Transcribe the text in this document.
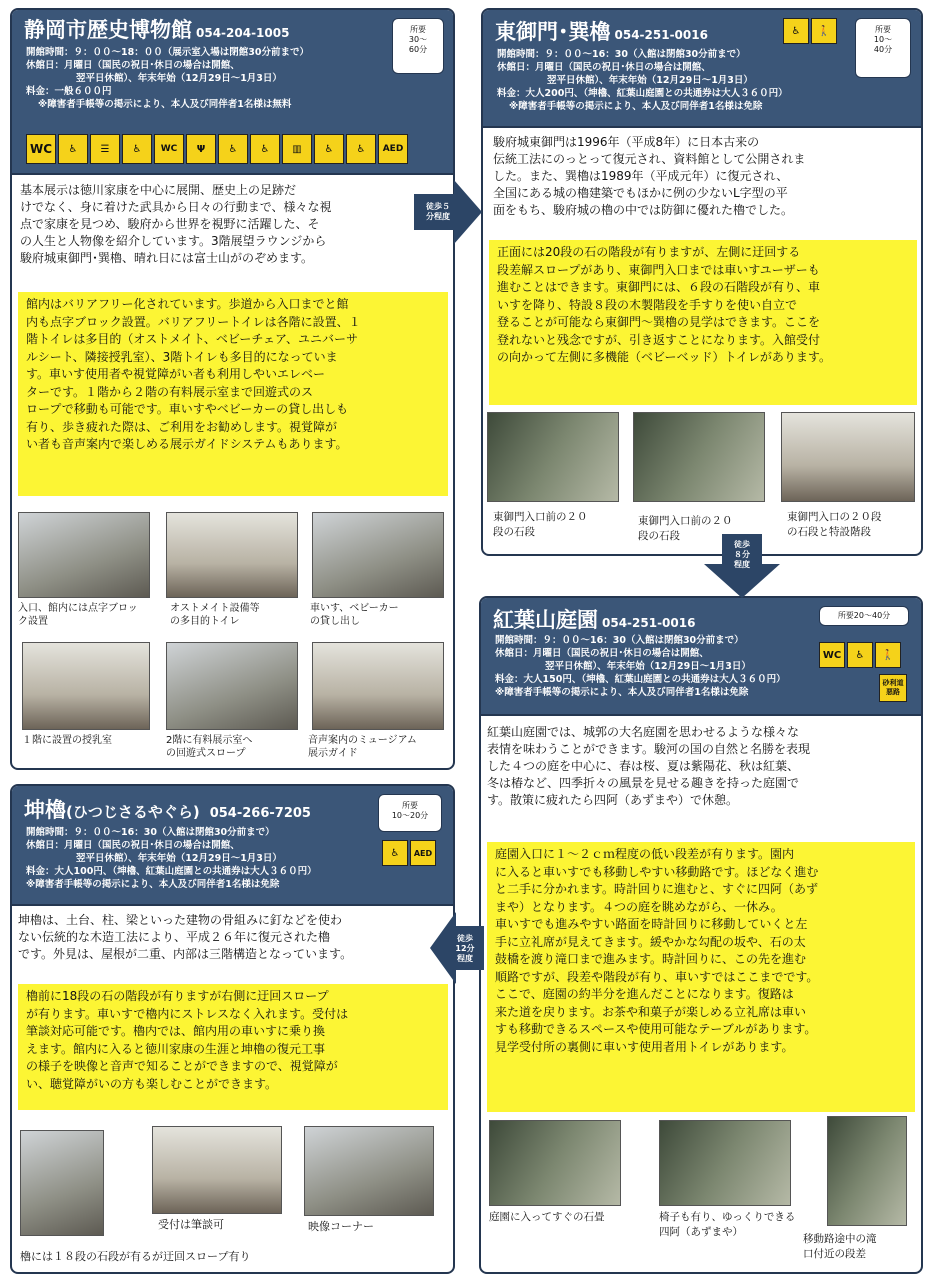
静岡市歴史博物館 054-204-1005
開館時間：９：００～18：００（展示室入場は閉館30分前まで）
休館日：月曜日（国民の祝日･休日の場合は開館、
翌平日休館）、年末年始（12月29日～1月3日）
料金：一般６００円
※障害者手帳等の掲示により、本人及び同伴者1名様は無料
所要
30～
60分
WC	♿	☰	♿	WC	Ψ	♿	♿	▥	♿	♿	AED
基本展示は徳川家康を中心に展開、歴史上の足跡だ
けでなく、身に着けた武具から日々の行動まで、様々な視
点で家康を見つめ、駿府から世界を視野に活躍した、そ
の人生と人物像を紹介しています。3階展望ラウンジから
駿府城東御門･巽櫓、晴れ日には富士山がのぞめます。
館内はバリアフリー化されています。歩道から入口までと館
内も点字ブロック設置。バリアフリートイレは各階に設置、１
階トイレは多目的（オストメイト、ベビーチェア、ユニバーサ
ルシート、隣接授乳室）、3階トイレも多目的になっていま
す。車いす使用者や視覚障がい者も利用しやいエレベー
ターです。１階から２階の有料展示室まで回遊式のス
ロープで移動も可能です。車いすやベビーカーの貸し出しも
有り、歩き疲れた際は、ご利用をお勧めします。視覚障が
い者も音声案内で楽しめる展示ガイドシステムもあります。
入口、館内には点字ブロッ
ク設置
オストメイト設備等
の多目的トイレ
車いす、ベビーカー
の貸し出し
１階に設置の授乳室	2階に有料展示室へ
の回遊式スロープ
音声案内のミュージアム
展示ガイド
東御門･巽櫓 054-251-0016	♿	🚶	所要
10～
40分
開館時間：９：００～16：30（入館は閉館30分前まで）
休館日：月曜日（国民の祝日･休日の場合は開館、
翌平日休館）、年末年始（12月29日～1月3日）
料金：大人200円、（坤櫓、紅葉山庭園との共通券は大人３６０円）
※障害者手帳等の掲示により、本人及び同伴者1名様は免除
駿府城東御門は1996年（平成8年）に日本古来の
伝統工法にのっとって復元され、資料館として公開されま
した。また、巽櫓は1989年（平成元年）に復元され、
全国にある城の櫓建築でもほかに例の少ないL字型の平
面をもち、駿府城の櫓の中では防御に優れた櫓でした。
正面には20段の石の階段が有りますが、左側に迂回する
段差解スロープがあり、東御門入口までは車いすユーザーも
進むことはできます。東御門には、６段の石階段が有り、車
いすを降り、特設８段の木製階段を手すりを使い自立で
登ることが可能なら東御門～巽櫓の見学はできます。ここを
登れないと残念ですが、引き返すことになります。入館受付
の向かって左側に多機能（ベビーベッド）トイレがあります。
東御門入口前の２０
段の石段
東御門入口前の２０
段の石段
東御門入口の２０段
の石段と特設階段
紅葉山庭園 054-251-0016
所要20～40分
WC	♿	🚶
砂利道
悪路
開館時間：９：００～16：30（入館は閉館30分前まで）
休館日：月曜日（国民の祝日･休日の場合は開館、
翌平日休館）、年末年始（12月29日～1月3日）
料金：大人150円、（坤櫓、紅葉山庭園との共通券は大人３６０円）
※障害者手帳等の掲示により、本人及び同伴者1名様は免除
紅葉山庭園では、城郭の大名庭園を思わせるような様々な
表情を味わうことができます。駿河の国の自然と名勝を表現
した４つの庭を中心に、春は桜、夏は紫陽花、秋は紅葉、
冬は椿など、四季折々の風景を見せる趣きを持った庭園で
す。散策に疲れたら四阿（あずまや）で休憩。
庭園入口に１～２ｃｍ程度の低い段差が有ります。園内
に入ると車いすでも移動しやすい移動路です。ほどなく進む
と二手に分かれます。時計回りに進むと、すぐに四阿（あず
まや）となります。４つの庭を眺めながら、一休み。
車いすでも進みやすい路面を時計回りに移動していくと左
手に立礼席が見えてきます。緩やかな勾配の坂や、石の太
鼓橋を渡り滝口まで進みます。時計回りに、この先を進む
順路ですが、段差や階段が有り、車いすではここまでです。
ここで、庭園の約半分を進んだことになります。復路は
来た道を戻ります。お茶や和菓子が楽しめる立礼席は車い
すも移動できるスペースや使用可能なテーブルがあります。
見学受付所の裏側に車いす使用者用トイレがあります。
庭園に入ってすぐの石畳	椅子も有り、ゆっくりできる
四阿（あずまや）
移動路途中の滝
口付近の段差
坤櫓(ひつじさるやぐら) 054-266-7205
所要
10～20分
♿	AED
開館時間：９：００～16：30（入館は閉館30分前まで）
休館日：月曜日（国民の祝日･休日の場合は開館、
翌平日休館）、年末年始（12月29日～1月3日）
料金：大人100円、（坤櫓、紅葉山庭園との共通券は大人３６０円）
※障害者手帳等の掲示により、本人及び同伴者1名様は免除
坤櫓は、土台、柱、梁といった建物の骨組みに釘などを使わ
ない伝統的な木造工法により、平成２６年に復元された櫓
です。外見は、屋根が二重、内部は三階構造となっています。
櫓前に18段の石の階段が有りますが右側に迂回スロープ
が有ります。車いすで櫓内にストレスなく入れます。受付は
筆談対応可能です。櫓内では、館内用の車いすに乗り換
えます。館内に入ると徳川家康の生涯と坤櫓の復元工事
の様子を映像と音声で知ることができますので、視覚障が
い、聴覚障がいの方も楽しむことができます。
受付は筆談可	映像コーナー
櫓には１８段の石段が有るが迂回スロープ有り
徒歩５
分程度
徒歩
８分
程度
徒歩
12分
程度
